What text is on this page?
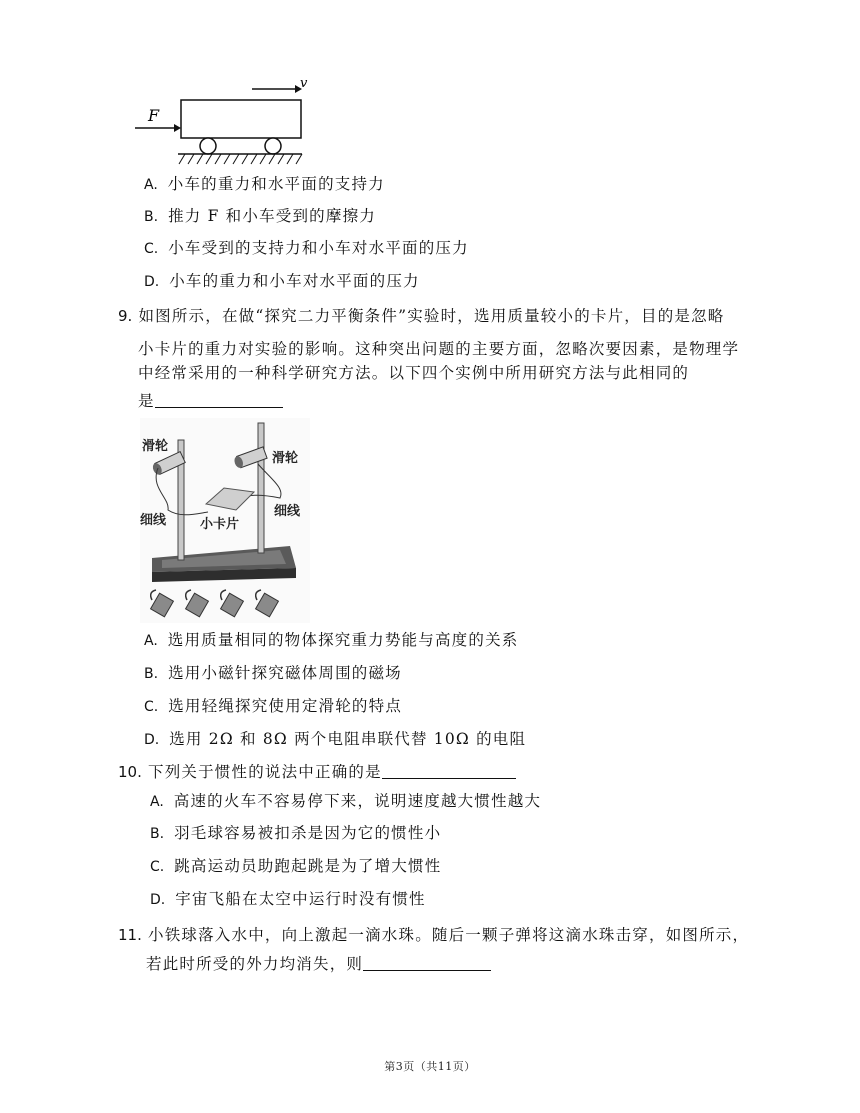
v
F
A. 小车的重力和水平面的支持力
B. 推力 F 和小车受到的摩擦力
C. 小车受到的支持力和小车对水平面的压力
D. 小车的重力和小车对水平面的压力
9. 如图所示，在做“探究二力平衡条件”实验时，选用质量较小的卡片，目的是忽略
小卡片的重力对实验的影响。这种突出问题的主要方面，忽略次要因素，是物理学
中经常采用的一种科学研究方法。以下四个实例中所用研究方法与此相同的
是
滑轮
滑轮
细线
细线
小卡片
A. 选用质量相同的物体探究重力势能与高度的关系
B. 选用小磁针探究磁体周围的磁场
C. 选用轻绳探究使用定滑轮的特点
D. 选用 2Ω 和 8Ω 两个电阻串联代替 10Ω 的电阻
10. 下列关于惯性的说法中正确的是
A. 高速的火车不容易停下来，说明速度越大惯性越大
B. 羽毛球容易被扣杀是因为它的惯性小
C. 跳高运动员助跑起跳是为了增大惯性
D. 宇宙飞船在太空中运行时没有惯性
11. 小铁球落入水中，向上激起一滴水珠。随后一颗子弹将这滴水珠击穿，如图所示，
若此时所受的外力均消失，则
第3页（共11页）
